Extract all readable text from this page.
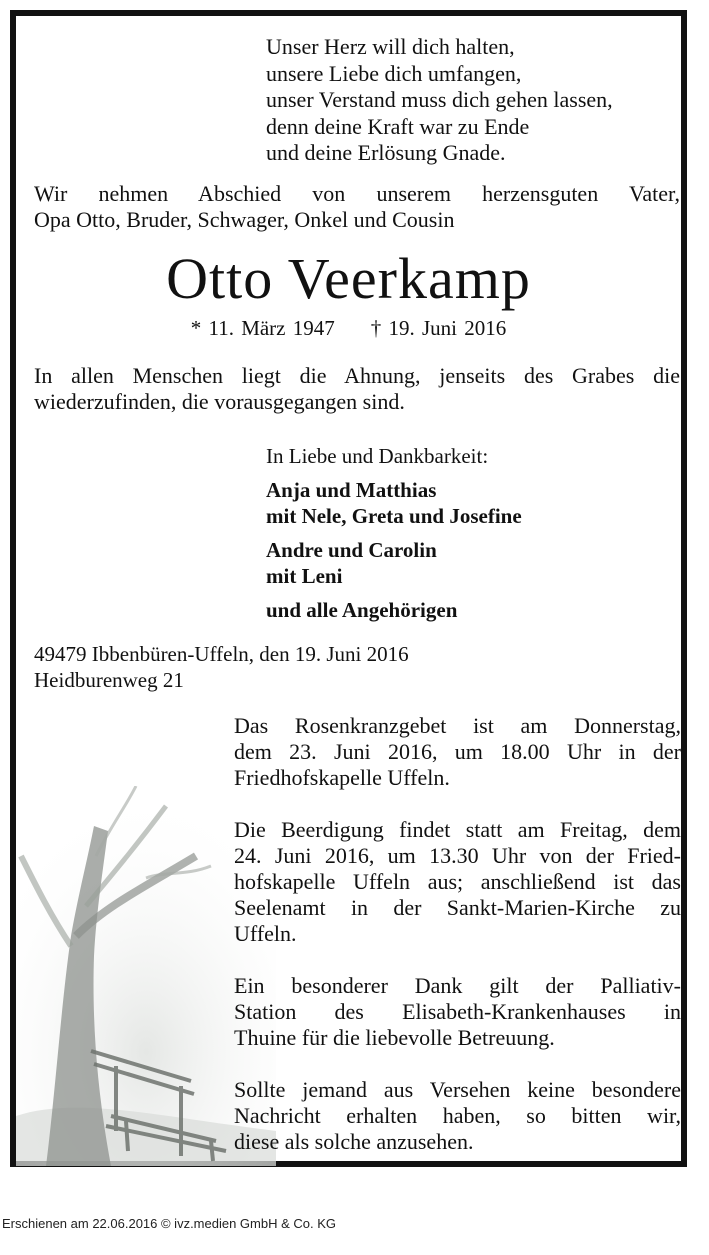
Unser Herz will dich halten,
unsere Liebe dich umfangen,
unser Verstand muss dich gehen lassen,
denn deine Kraft war zu Ende
und deine Erlösung Gnade.
Wir nehmen Abschied von unserem herzensguten Vater,
Opa Otto, Bruder, Schwager, Onkel und Cousin
Otto Veerkamp
* 11. März 1947 † 19. Juni 2016
In allen Menschen liegt die Ahnung, jenseits des Grabes die
wiederzufinden, die vorausgegangen sind.
In Liebe und Dankbarkeit:
Anja und Matthias
mit Nele, Greta und Josefine
Andre und Carolin
mit Leni
und alle Angehörigen
49479 Ibbenbüren-Uffeln, den 19. Juni 2016
Heidburenweg 21

Das Rosenkranzgebet ist am Donnerstag,
dem 23. Juni 2016, um 18.00 Uhr in der
Friedhofskapelle Uffeln.

Die Beerdigung findet statt am Freitag, dem
24. Juni 2016, um 13.30 Uhr von der Fried-
hofskapelle Uffeln aus; anschließend ist das
Seelenamt in der Sankt-Marien-Kirche zu
Uffeln.

Ein besonderer Dank gilt der Palliativ-
Station des Elisabeth-Krankenhauses in
Thuine für die liebevolle Betreuung.

Sollte jemand aus Versehen keine besondere
Nachricht erhalten haben, so bitten wir,
diese als solche anzusehen.

Erschienen am 22.06.2016 © ivz.medien GmbH & Co. KG
